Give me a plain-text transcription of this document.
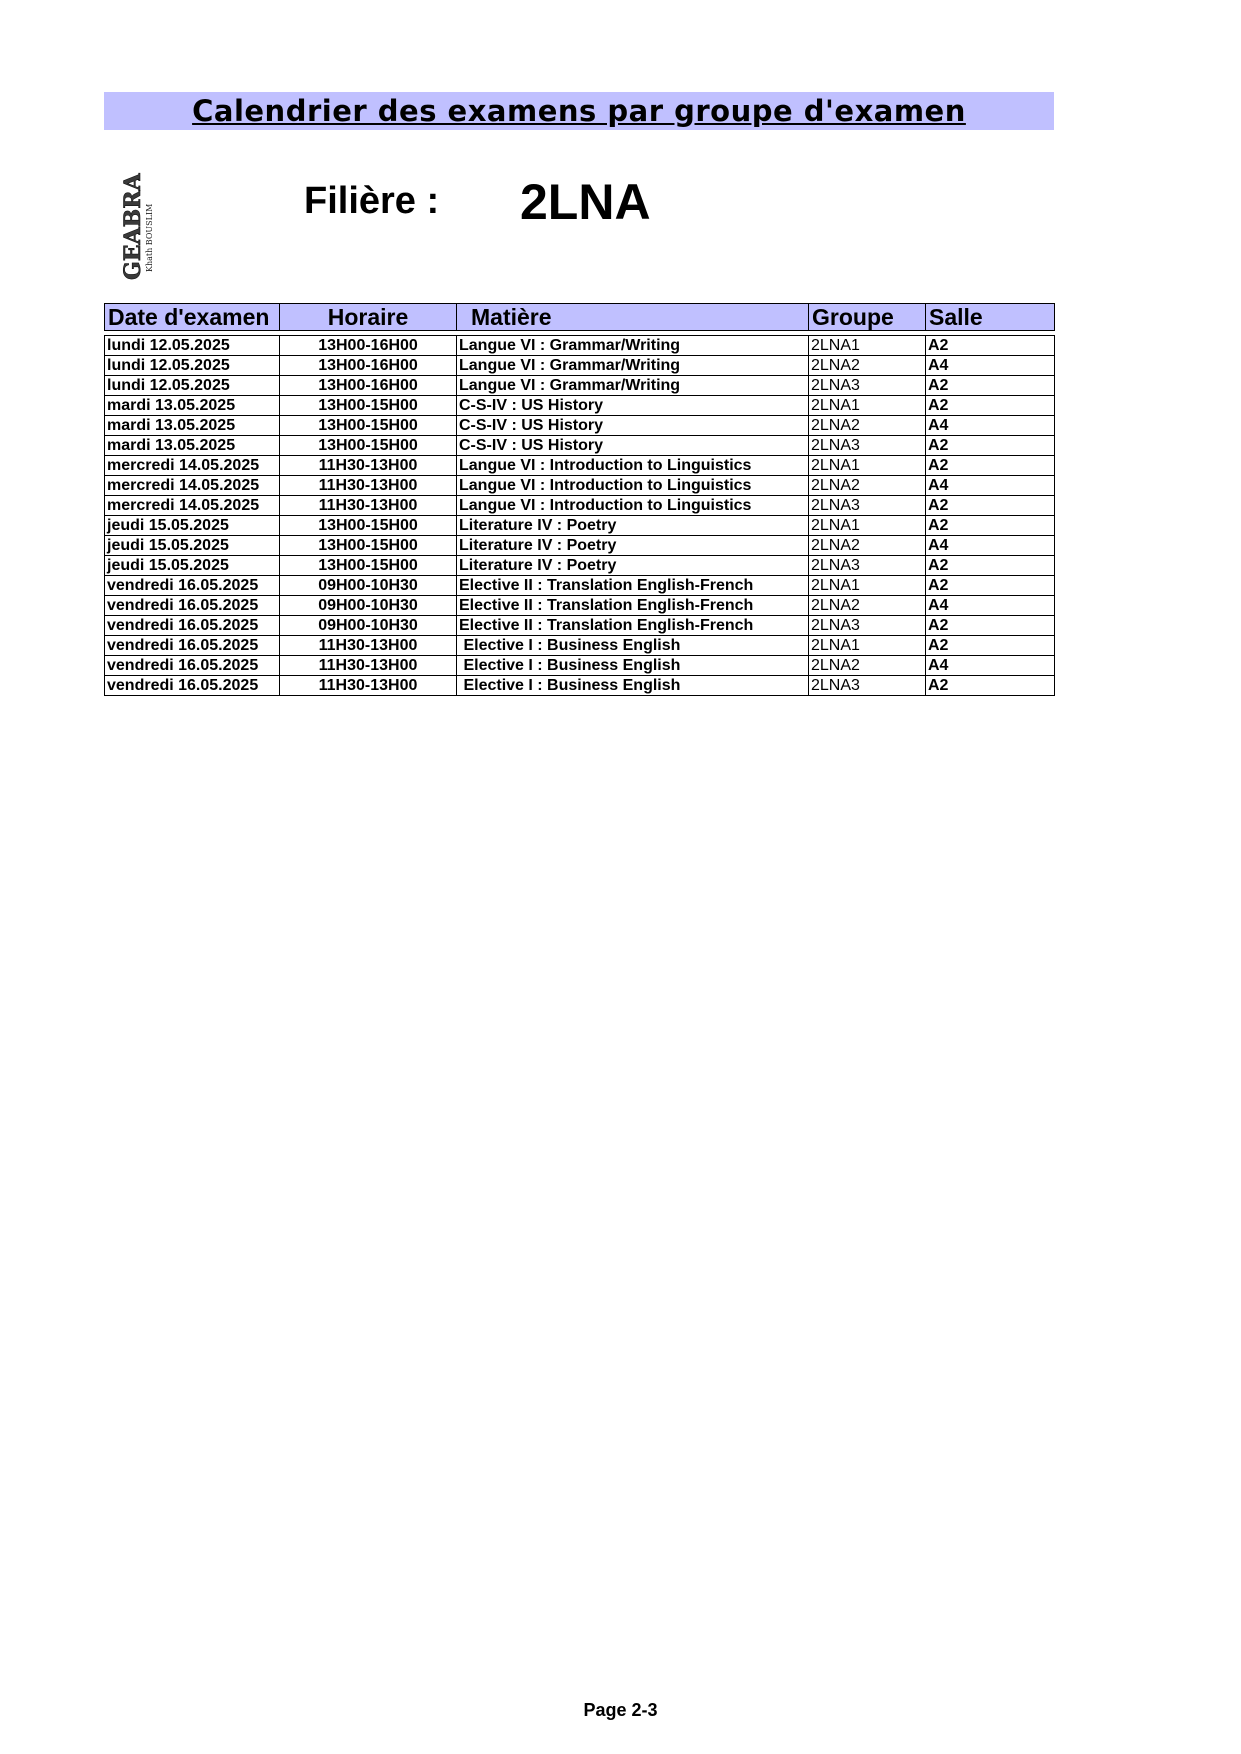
Calendrier des examens par groupe d'examen
GEABRA Khath BOUSLIM
Filière : 2LNA
Date d'examen	Horaire	Matière	Groupe	Salle
lundi 12.05.2025	13H00-16H00	Langue VI : Grammar/Writing	2LNA1	A2
lundi 12.05.2025	13H00-16H00	Langue VI : Grammar/Writing	2LNA2	A4
lundi 12.05.2025	13H00-16H00	Langue VI : Grammar/Writing	2LNA3	A2
mardi 13.05.2025	13H00-15H00	C-S-IV : US History	2LNA1	A2
mardi 13.05.2025	13H00-15H00	C-S-IV : US History	2LNA2	A4
mardi 13.05.2025	13H00-15H00	C-S-IV : US History	2LNA3	A2
mercredi 14.05.2025	11H30-13H00	Langue VI : Introduction to Linguistics	2LNA1	A2
mercredi 14.05.2025	11H30-13H00	Langue VI : Introduction to Linguistics	2LNA2	A4
mercredi 14.05.2025	11H30-13H00	Langue VI : Introduction to Linguistics	2LNA3	A2
jeudi 15.05.2025	13H00-15H00	Literature IV : Poetry	2LNA1	A2
jeudi 15.05.2025	13H00-15H00	Literature IV : Poetry	2LNA2	A4
jeudi 15.05.2025	13H00-15H00	Literature IV : Poetry	2LNA3	A2
vendredi 16.05.2025	09H00-10H30	Elective II : Translation English-French	2LNA1	A2
vendredi 16.05.2025	09H00-10H30	Elective II : Translation English-French	2LNA2	A4
vendredi 16.05.2025	09H00-10H30	Elective II : Translation English-French	2LNA3	A2
vendredi 16.05.2025	11H30-13H00	Elective I : Business English	2LNA1	A2
vendredi 16.05.2025	11H30-13H00	Elective I : Business English	2LNA2	A4
vendredi 16.05.2025	11H30-13H00	Elective I : Business English	2LNA3	A2
Page 2-3
